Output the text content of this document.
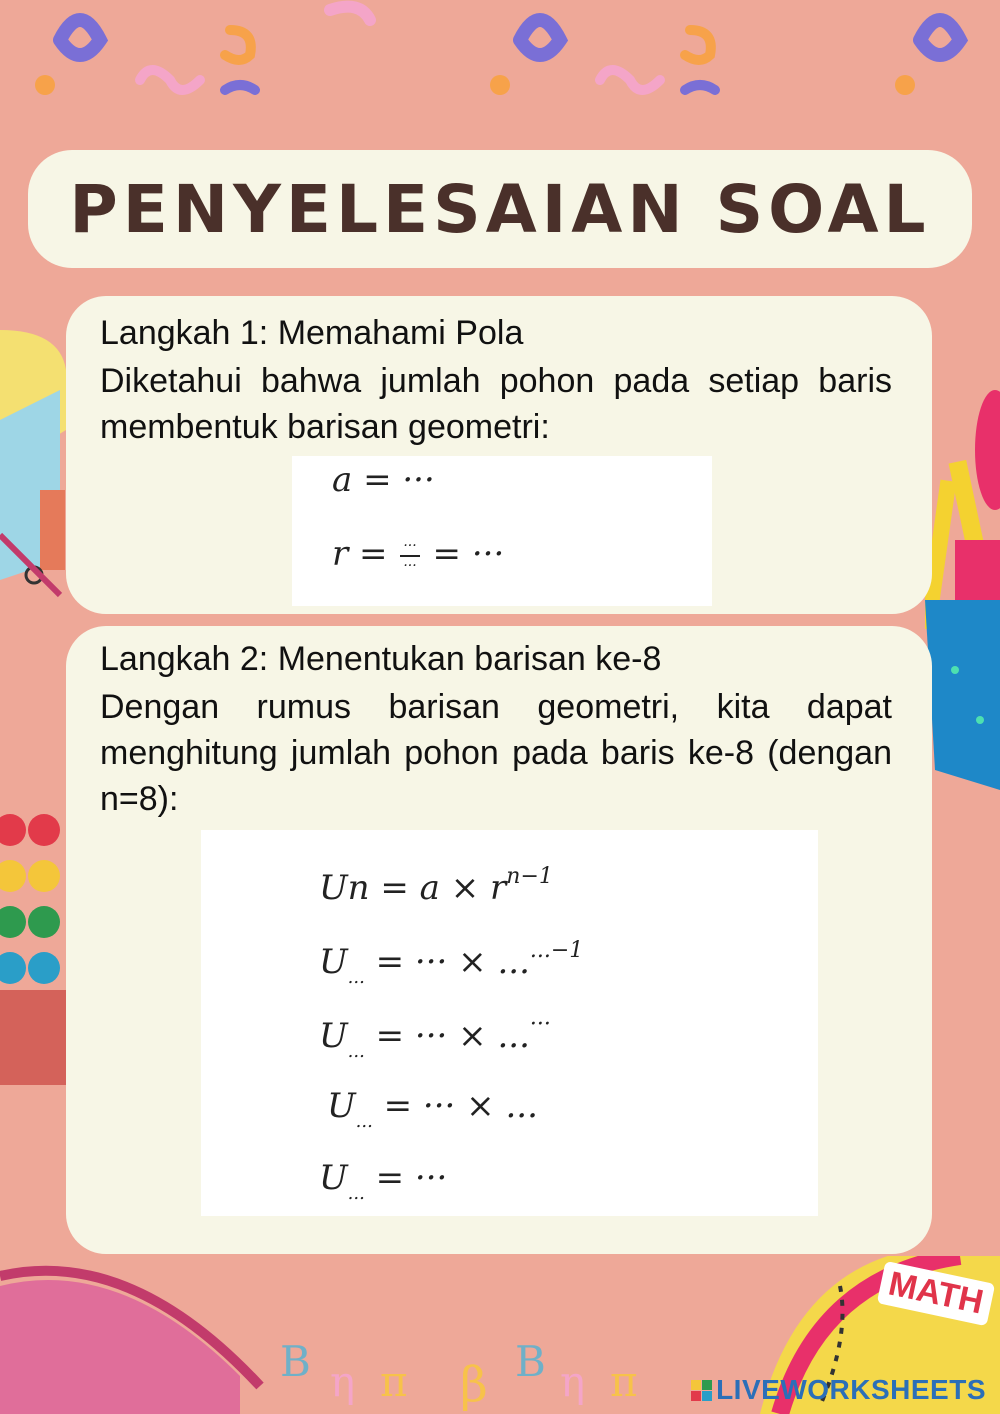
B η π β B η π
MATH
PENYELESAIAN SOAL
Langkah 1: Memahami Pola
Diketahui bahwa jumlah pohon pada setiap baris membentuk barisan geometri:
a = ···
$r = \frac{\cdot\cdot\cdot}{\cdot\cdot\cdot}$ = ···
Langkah 2: Menentukan barisan ke-8
Dengan rumus barisan geometri, kita dapat menghitung jumlah pohon pada baris ke-8 (dengan n=8):
$Un = a \times r^{n-1}$
$U_{...}$ = ··· × ...$^{...-1}$
$U_{...}$ = ··· × ...···
$U_{...}$ = ··· × ...
$U_{...}$ = ···
LIVEWORKSHEETS
